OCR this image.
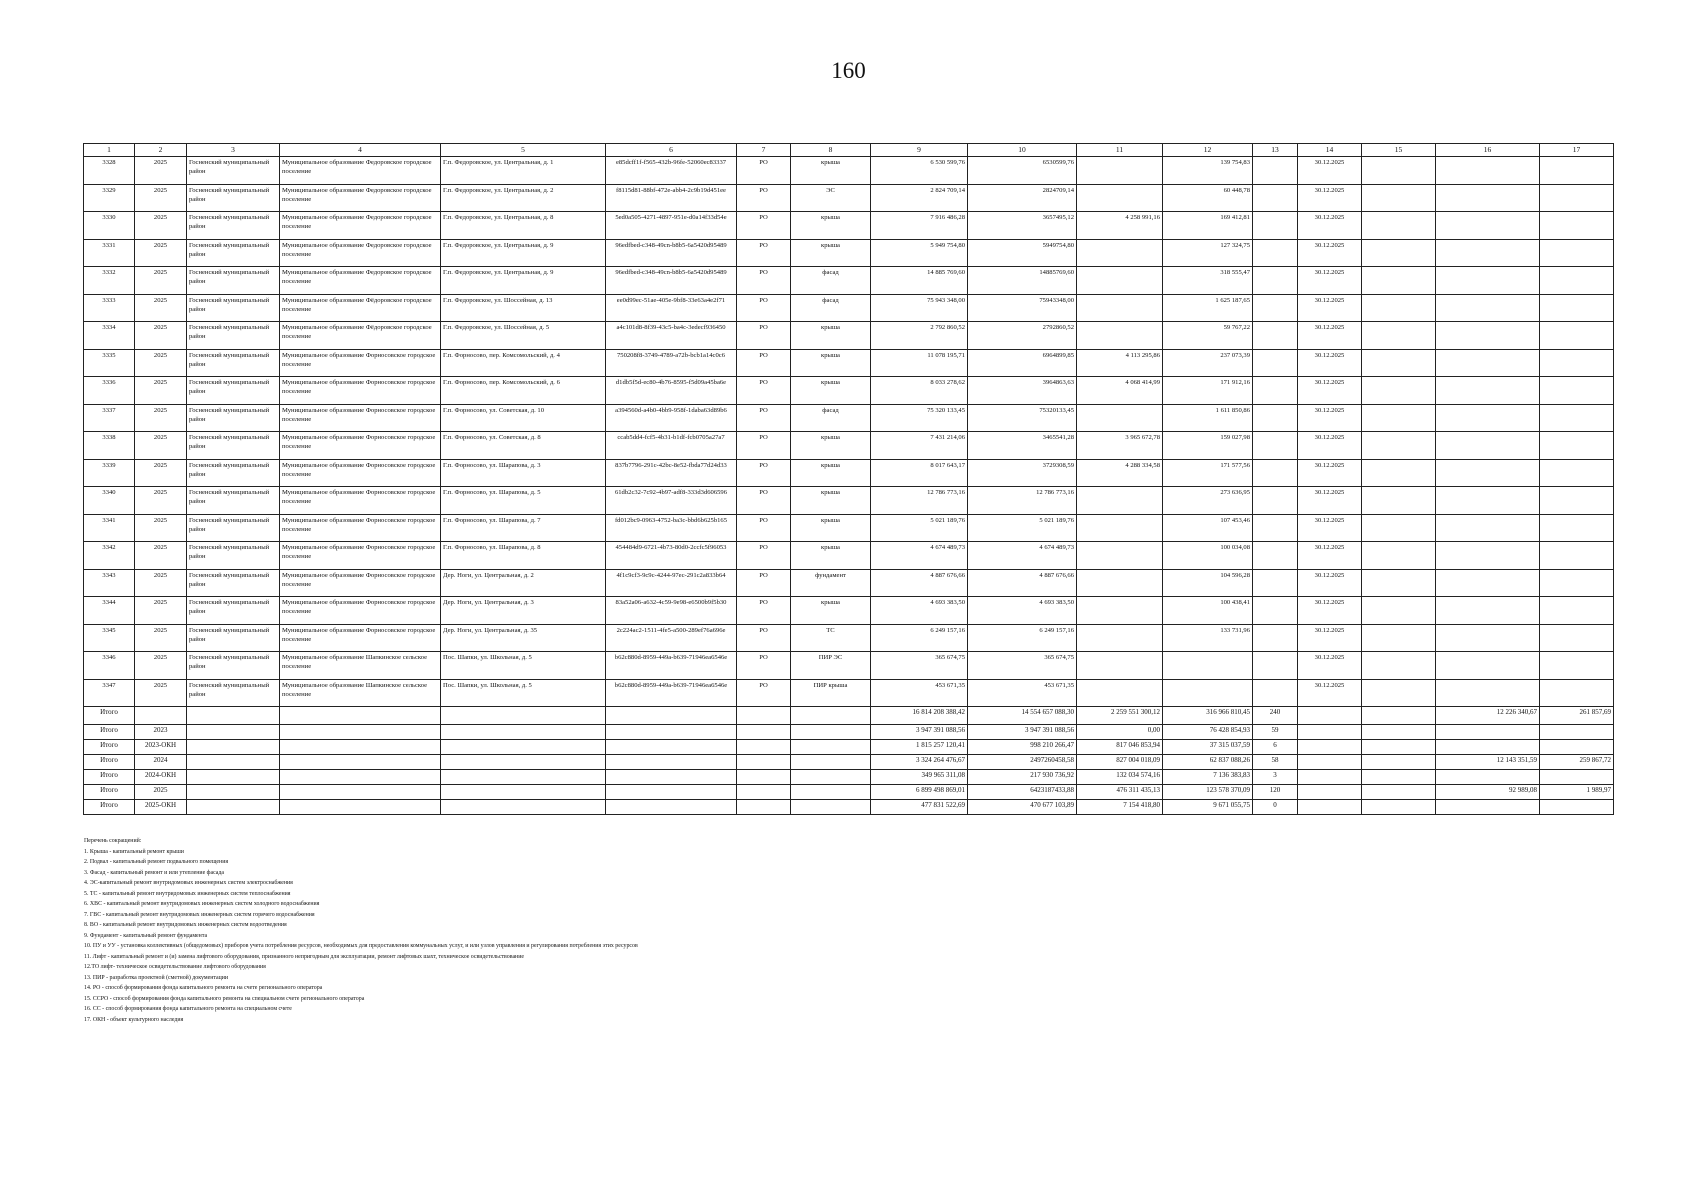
160
1	2	3	4	5	6	7	8	9	10	11	12	13	14	15	16	17
3328	2025	Гоcненский муниципальный район	Муниципальное образование Федоровское городское поселение	Г.п. Федоровское, ул. Центральная, д. 1	e85dcff1f-f565-432b-96fe-52060ec83337	РО	крыша	6 530 599,76	6530599,76		139 754,83		30.12.2025			
3329	2025	Гоcненский муниципальный район	Муниципальное образование Федоровское городское поселение	Г.п. Федоровское, ул. Центральная, д. 2	f8115d81-88bf-472e-abb4-2c9b19d451ee	РО	ЭС	2 824 709,14	2824709,14		60 448,78		30.12.2025			
3330	2025	Гоcненский муниципальный район	Муниципальное образование Федоровское городское поселение	Г.п. Федоровское, ул. Центральная, д. 8	5ed0a505-4271-4897-951e-d0a14f33d54e	РО	крыша	7 916 486,28	3657495,12	4 258 991,16	169 412,81		30.12.2025			
3331	2025	Гоcненский муниципальный район	Муниципальное образование Федоровское городское поселение	Г.п. Федоровское, ул. Центральная, д. 9	96edfbed-c348-49cn-b8b5-6a5420d95489	РО	крыша	5 949 754,80	5949754,80		127 324,75		30.12.2025			
3332	2025	Гоcненский муниципальный район	Муниципальное образование Федоровское городское поселение	Г.п. Федоровское, ул. Центральная, д. 9	96edfbed-c348-49cn-b8b5-6a5420d95489	РО	фасад	14 885 769,60	14885769,60		318 555,47		30.12.2025			
3333	2025	Гоcненский муниципальный район	Муниципальное образование Фёдоровское городское поселение	Г.п. Федоровское, ул. Шоссейная, д. 13	ee0d99ec-51ae-405e-9bf8-33e63a4e2f71	РО	фасад	75 943 348,00	75943348,00		1 625 187,65		30.12.2025			
3334	2025	Гоcненский муниципальный район	Муниципальное образование Фёдоровское городское поселение	Г.п. Федоровское, ул. Шоссейная, д. 5	a4c101d8-8f39-43c5-ba4c-3edecf936450	РО	крыша	2 792 860,52	2792860,52		59 767,22		30.12.2025			
3335	2025	Гоcненский муниципальный район	Муниципальное образование Форносовское городское поселение	Г.п. Форносово, пер. Комсомольский, д. 4	750208f8-3749-4789-a72b-bcb1a14c0c6	РО	крыша	11 078 195,71	6964899,85	4 113 295,86	237 073,39		30.12.2025			
3336	2025	Гоcненский муниципальный район	Муниципальное образование Форносовское городское поселение	Г.п. Форносово, пер. Комсомольский, д. 6	d1db5f5d-ec80-4b76-8595-f5d09a45ba6e	РО	крыша	8 033 278,62	3964863,63	4 068 414,99	171 912,16		30.12.2025			
3337	2025	Гоcненский муниципальный район	Муниципальное образование Форносовское городское поселение	Г.п. Форносово, ул. Советская, д. 10	a394560d-a4b0-4bb9-958f-1daba63d89b6	РО	фасад	75 320 133,45	75320133,45		1 611 850,86		30.12.2025			
3338	2025	Гоcненский муниципальный район	Муниципальное образование Форносовское городское поселение	Г.п. Форносово, ул. Советская, д. 8	ccab5dd4-fcf5-4b31-b1df-fcb0705a27a7	РО	крыша	7 431 214,06	3465541,28	3 965 672,78	159 027,98		30.12.2025			
3339	2025	Гоcненский муниципальный район	Муниципальное образование Форносовское городское поселение	Г.п. Форносово, ул. Шарапова, д. 3	837b7796-291c-42bc-8e52-fbda77d24d33	РО	крыша	8 017 643,17	3729308,59	4 288 334,58	171 577,56		30.12.2025			
3340	2025	Гоcненский муниципальный район	Муниципальное образование Форносовское городское поселение	Г.п. Форносово, ул. Шарапова, д. 5	61db2c32-7c92-4b97-adf8-333d3d606596	РО	крыша	12 786 773,16	12 786 773,16		273 636,95		30.12.2025			
3341	2025	Гоcненский муниципальный район	Муниципальное образование Форносовское городское поселение	Г.п. Форносово, ул. Шарапова, д. 7	fd012bc9-0963-4752-ba3c-bbd6b625b165	РО	крыша	5 021 189,76	5 021 189,76		107 453,46		30.12.2025			
3342	2025	Гоcненский муниципальный район	Муниципальное образование Форносовское городское поселение	Г.п. Форносово, ул. Шарапова, д. 8	454484d9-6721-4b73-80d0-2ccfc5f96053	РО	крыша	4 674 489,73	4 674 489,73		100 034,08		30.12.2025			
3343	2025	Гоcненский муниципальный район	Муниципальное образование Форносовское городское поселение	Дер. Ноги, ул. Центральная, д. 2	4f1c9cf3-9c9c-4244-97ec-291c2a833b64	РО	фундамент	4 887 676,66	4 887 676,66		104 596,28		30.12.2025			
3344	2025	Гоcненский муниципальный район	Муниципальное образование Форносовское городское поселение	Дер. Ноги, ул. Центральная, д. 3	83a52a06-a632-4c59-9e98-e6500b9f5b30	РО	крыша	4 693 383,50	4 693 383,50		100 438,41		30.12.2025			
3345	2025	Гоcненский муниципальный район	Муниципальное образование Форносовское городское поселение	Дер. Ноги, ул. Центральная, д. 35	2c224ac2-1511-4fe5-a500-289ef76a696e	РО	ТС	6 249 157,16	6 249 157,16		133 731,96		30.12.2025			
3346	2025	Гоcненский муниципальный район	Муниципальное образование Шапкинское сельское поселение	Пос. Шапки, ул. Школьная, д. 5	b62c880d-8959-449a-b639-71946ea6546e	РО	ПИР ЭС	365 674,75	365 674,75				30.12.2025			
3347	2025	Гоcненский муниципальный район	Муниципальное образование Шапкинское сельское поселение	Пос. Шапки, ул. Школьная, д. 5	b62c880d-8959-449a-b639-71946ea6546e	РО	ПИР крыша	453 671,35	453 671,35				30.12.2025			
Итого								16 814 208 388,42	14 554 657 088,30	2 259 551 300,12	316 966 810,45	240			12 226 340,67	261 857,69
Итого	2023							3 947 391 088,56	3 947 391 088,56	0,00	76 428 854,93	59				
Итого	2023-ОКН							1 815 257 120,41	998 210 266,47	817 046 853,94	37 315 037,59	6				
Итого	2024							3 324 264 476,67	2497260458,58	827 004 018,09	62 837 088,26	58			12 143 351,59	259 867,72
Итого	2024-ОКН							349 965 311,08	217 930 736,92	132 034 574,16	7 136 383,83	3				
Итого	2025							6 899 498 869,01	6423187433,88	476 311 435,13	123 578 370,09	120			92 989,08	1 989,97
Итого	2025-ОКН							477 831 522,69	470 677 103,89	7 154 418,80	9 671 055,75	0				
Перечень сокращений:
1. Крыша - капитальный ремонт крыши
2. Подвал - капитальный ремонт подвального помещения
3. Фасад - капитальный ремонт и или утепление фасада
4. ЭС-капитальный ремонт внутридомовых инженерных систем электроснабжения
5. ТС - капитальный ремонт внутридомовых инженерных систем теплоснабжения
6. ХВС - капитальный ремонт внутридомовых инженерных систем холодного водоснабжения
7. ГВС - капитальный ремонт внутридомовых инженерных систем горячего водоснабжения
8. ВО - капитальный ремонт внутридомовых инженерных систем водоотведения
9. Фундамент - капитальный ремонт фундамента
10. ПУ и УУ - установка коллективных (общедомовых) приборов учета потребления ресурсов, необходимых для предоставления коммунальных услуг, и или узлов управления и регулирования потребления этих ресурсов
11. Лифт - капитальный ремонт и (и) замена лифтового оборудования, признанного непригодным для эксплуатации, ремонт лифтовых шахт, техническое освидетельствование
12.ТО лифт- техническое освидетельствование лифтового оборудования
13. ПИР - разработка проектной (сметной) документации
14. РО - способ формирования фонда капитального ремонта на счете регионального оператора
15. ССРО - способ формирования фонда капитального ремонта на специальном счете регионального оператора
16. СС - способ формирования фонда капитального ремонта на специальном счете
17. ОКН - объект культурного наследия
